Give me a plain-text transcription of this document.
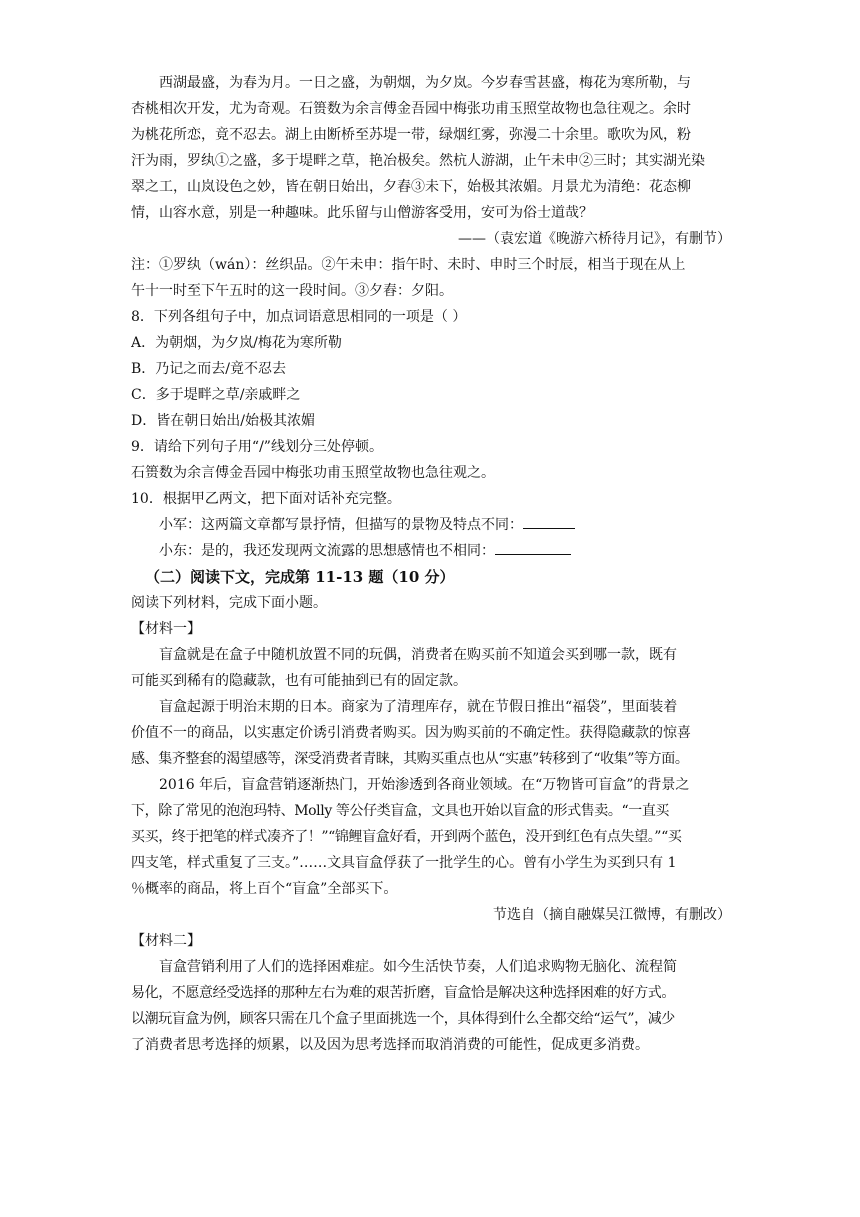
西湖最盛，为春为月。一日之盛，为朝烟，为夕岚。今岁春雪甚盛，梅花为寒所勒，与
杏桃相次开发，尤为奇观。石篑数为余言傅金吾园中梅张功甫玉照堂故物也急往观之。余时
为桃花所恋，竟不忍去。湖上由断桥至苏堤一带，绿烟红雾，弥漫二十余里。歌吹为风，粉
汗为雨，罗纨①之盛，多于堤畔之草，艳冶极矣。然杭人游湖，止午未申②三时；其实湖光染
翠之工，山岚设色之妙，皆在朝日始出，夕舂③未下，始极其浓媚。月景尤为清绝：花态柳
情，山容水意，别是一种趣味。此乐留与山僧游客受用，安可为俗士道哉？
——（袁宏道《晚游六桥待月记》，有删节）
注：①罗纨（wán）：丝织品。②午未申：指午时、未时、申时三个时辰，相当于现在从上
午十一时至下午五时的这一段时间。③夕舂：夕阳。
8．下列各组句子中，加点词语意思相同的一项是（ ）
A．为朝烟，为夕岚/梅花为寒所勒
B．乃记之而去/竟不忍去
C．多于堤畔之草/亲戚畔之
D．皆在朝日始出/始极其浓媚
9．请给下列句子用“/”线划分三处停顿。
石篑数为余言傅金吾园中梅张功甫玉照堂故物也急往观之。
10．根据甲乙两文，把下面对话补充完整。
小军：这两篇文章都写景抒情，但描写的景物及特点不同：
小东：是的，我还发现两文流露的思想感情也不相同：
（二）阅读下文，完成第 11-13 题（10 分）
阅读下列材料，完成下面小题。
【材料一】
盲盒就是在盒子中随机放置不同的玩偶，消费者在购买前不知道会买到哪一款，既有
可能买到稀有的隐藏款，也有可能抽到已有的固定款。
盲盒起源于明治末期的日本。商家为了清理库存，就在节假日推出“福袋”，里面装着
价值不一的商品，以实惠定价诱引消费者购买。因为购买前的不确定性。获得隐藏款的惊喜
感、集齐整套的渴望感等，深受消费者青睐，其购买重点也从“实惠”转移到了“收集”等方面。
2016 年后，盲盒营销逐渐热门，开始渗透到各商业领域。在“万物皆可盲盒”的背景之
下，除了常见的泡泡玛特、Molly 等公仔类盲盒，文具也开始以盲盒的形式售卖。“一直买
买买，终于把笔的样式凑齐了！”“锦鲤盲盒好看，开到两个蓝色，没开到红色有点失望。”“买
四支笔，样式重复了三支。”……文具盲盒俘获了一批学生的心。曾有小学生为买到只有 1
％概率的商品，将上百个“盲盒”全部买下。
节选自（摘自融媒吴江微博，有删改）
【材料二】
盲盒营销利用了人们的选择困难症。如今生活快节奏，人们追求购物无脑化、流程简
易化，不愿意经受选择的那种左右为难的艰苦折磨，盲盒恰是解决这种选择困难的好方式。
以潮玩盲盒为例，顾客只需在几个盒子里面挑选一个，具体得到什么全都交给“运气”，减少
了消费者思考选择的烦累，以及因为思考选择而取消消费的可能性，促成更多消费。
